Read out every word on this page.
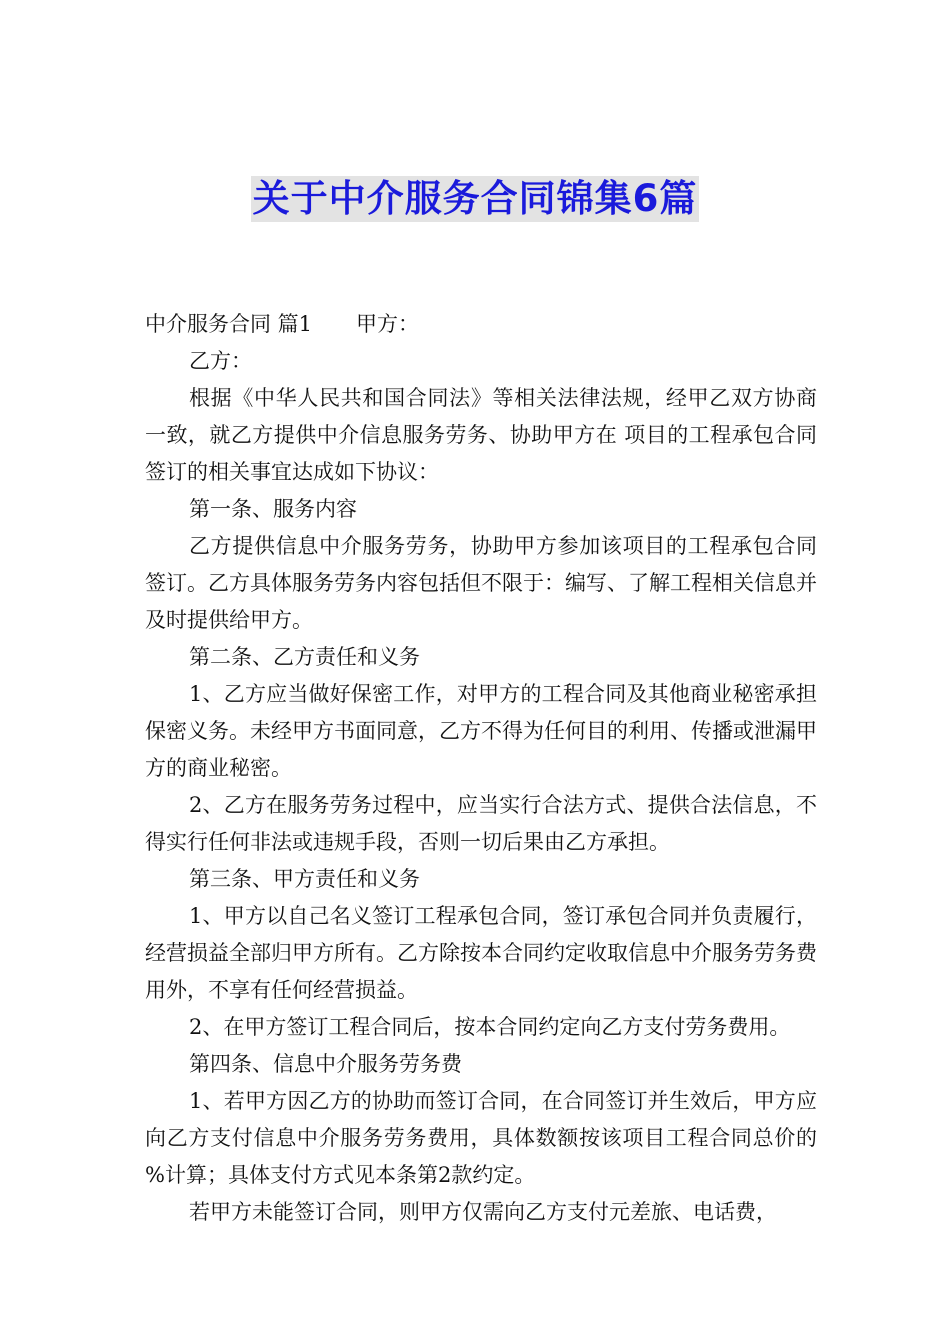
关于中介服务合同锦集6篇

中介服务合同 篇1 甲方：

乙方：

根据《中华人民共和国合同法》等相关法律法规，经甲乙双方协商一致，就乙方提供中介信息服务劳务、协助甲方在 项目的工程承包合同签订的相关事宜达成如下协议：

第一条、服务内容

乙方提供信息中介服务劳务，协助甲方参加该项目的工程承包合同签订。乙方具体服务劳务内容包括但不限于：编写、了解工程相关信息并及时提供给甲方。

第二条、乙方责任和义务

1、乙方应当做好保密工作，对甲方的工程合同及其他商业秘密承担保密义务。未经甲方书面同意，乙方不得为任何目的利用、传播或泄漏甲方的商业秘密。

2、乙方在服务劳务过程中，应当实行合法方式、提供合法信息，不得实行任何非法或违规手段，否则一切后果由乙方承担。

第三条、甲方责任和义务

1、甲方以自己名义签订工程承包合同，签订承包合同并负责履行，经营损益全部归甲方所有。乙方除按本合同约定收取信息中介服务劳务费用外，不享有任何经营损益。

2、在甲方签订工程合同后，按本合同约定向乙方支付劳务费用。

第四条、信息中介服务劳务费

1、若甲方因乙方的协助而签订合同，在合同签订并生效后，甲方应向乙方支付信息中介服务劳务费用，具体数额按该项目工程合同总价的 %计算；具体支付方式见本条第2款约定。

若甲方未能签订合同，则甲方仅需向乙方支付元差旅、电话费，
